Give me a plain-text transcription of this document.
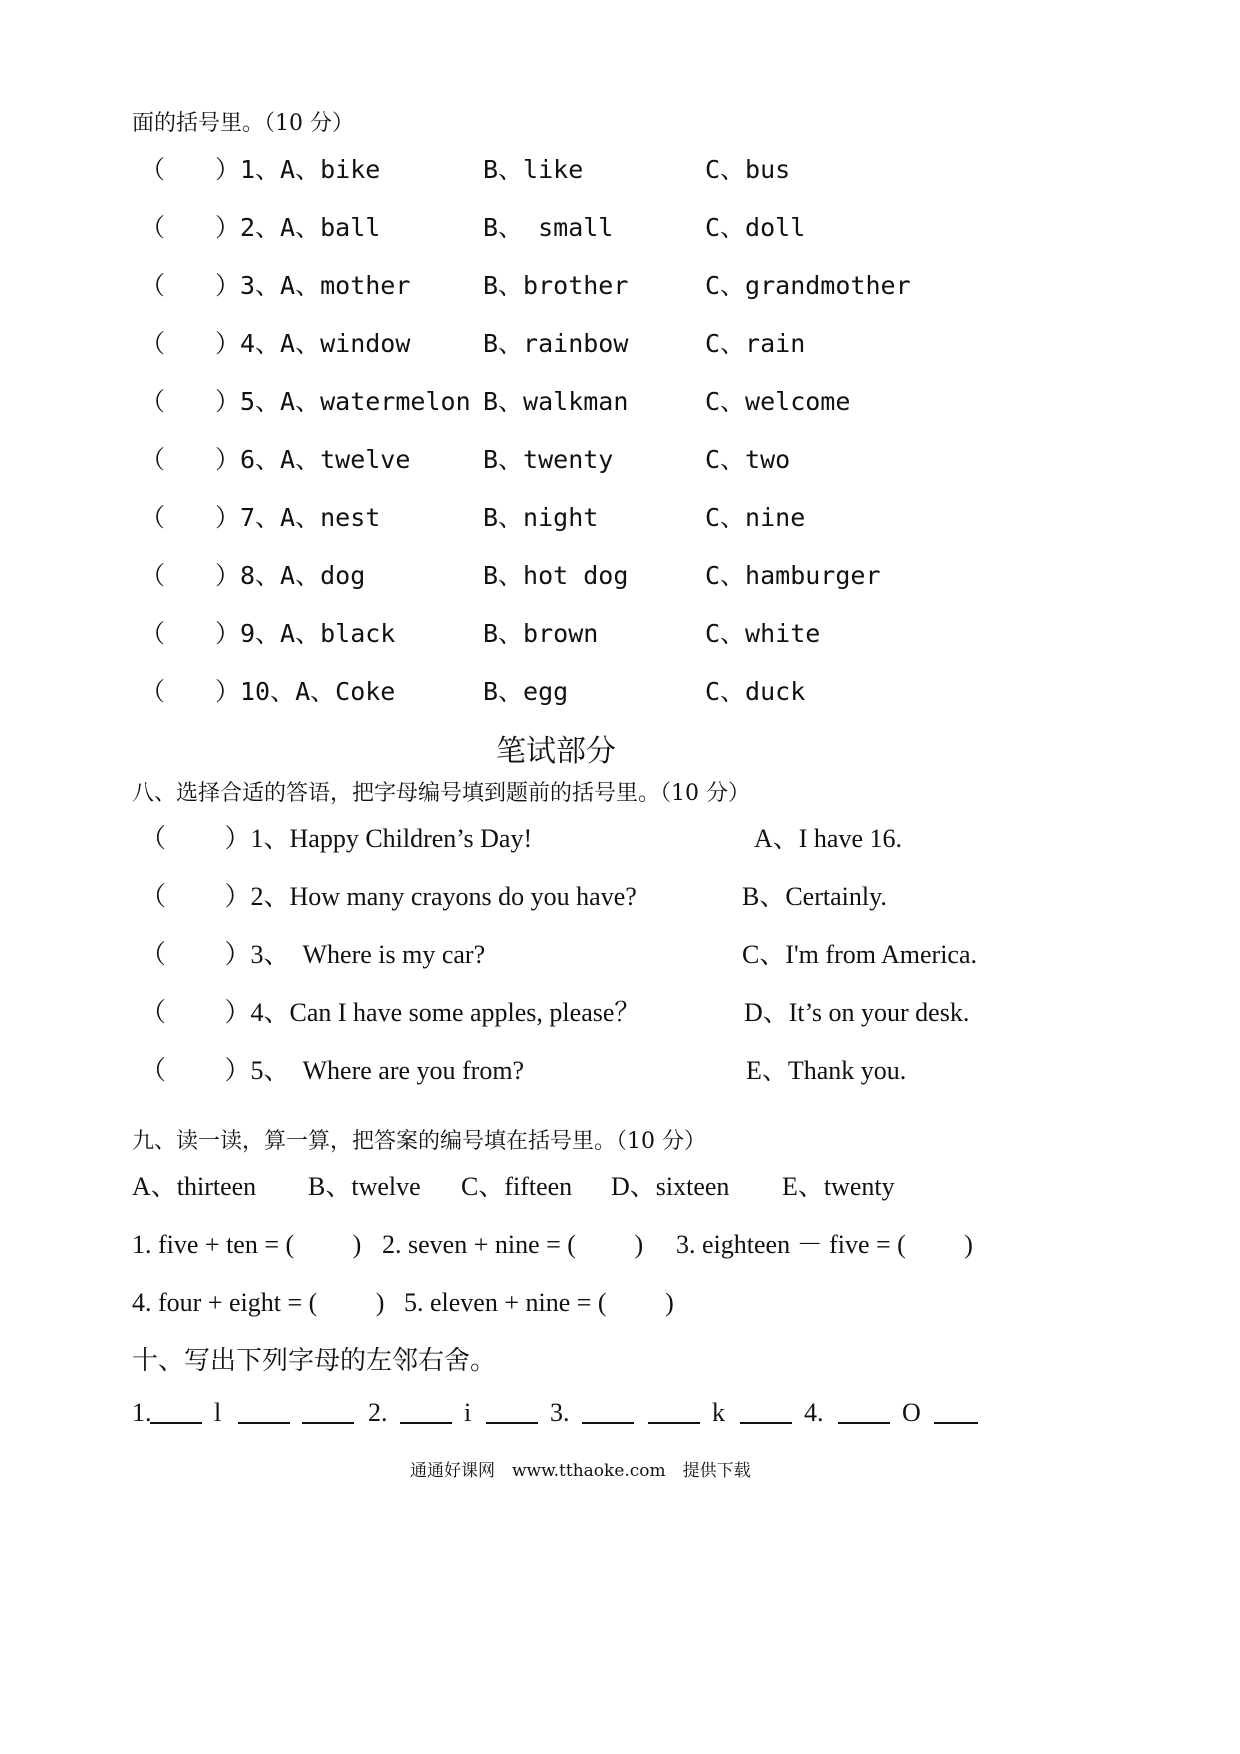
面的括号里。（10 分）
（　　）1、A、bike	B、like	C、bus
（　　）2、A、ball	B、 small	C、doll
（　　）3、A、mother	B、brother	C、grandmother
（　　）4、A、window	B、rainbow	C、rain
（　　）5、A、watermelon B、walkman	C、welcome
（　　）6、A、twelve	B、twenty	C、two
（　　）7、A、nest	B、night	C、nine
（　　）8、A、dog	B、hot dog	C、hamburger
（　　）9、A、black	B、brown	C、white
（　　）10、A、Coke	B、egg	C、duck
笔试部分
八、选择合适的答语，把字母编号填到题前的括号里。（10 分）
（　　 ）1、Happy Children’s Day!	A、I have 16.
（　　 ）2、How many crayons do you have?	B、Certainly.
（　　 ）3、　Where is my car?	C、I'm from America.
（　　 ）4、Can I have some apples, please？	D、It’s on your desk.
（　　 ）5、　Where are you from?	E、Thank you.
九、读一读，算一算，把答案的编号填在括号里。（10 分）
A、thirteen B、twelve C、fifteen D、sixteen E、twenty
1. five + ten = (　　 ) 2. seven + nine = (　　 ) 3. eighteen － five = (　　 )
4. four + eight = (　　 ) 5. eleven + nine = (　　 )
十、写出下列字母的左邻右舍。
1. l	2.	i	3.	k	4.	O
通通好课网　www.tthaoke.com　提供下载
